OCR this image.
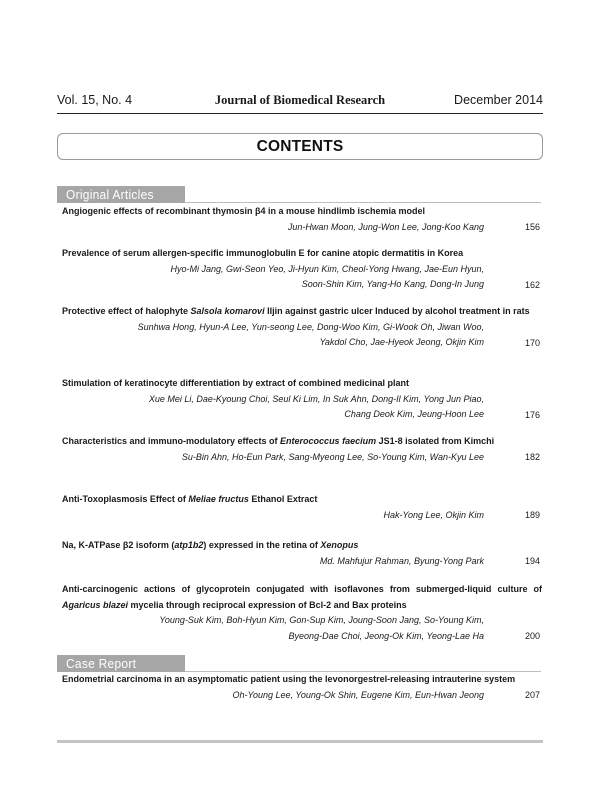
Vol. 15, No. 4	Journal of Biomedical Research	December 2014
CONTENTS
Original Articles
Angiogenic effects of recombinant thymosin β4 in a mouse hindlimb ischemia model
Jun-Hwan Moon, Jung-Won Lee, Jong-Koo Kang	156
Prevalence of serum allergen-specific immunoglobulin E for canine atopic dermatitis in Korea
Hyo-Mi Jang, Gwi-Seon Yeo, Ji-Hyun Kim, Cheol-Yong Hwang, Jae-Eun Hyun,
Soon-Shin Kim, Yang-Ho Kang, Dong-In Jung	162
Protective effect of halophyte Salsola komarovi Iljin against gastric ulcer Induced by alcohol treatment in rats
Sunhwa Hong, Hyun-A Lee, Yun-seong Lee, Dong-Woo Kim, Gi-Wook Oh, Jiwan Woo,
Yakdol Cho, Jae-Hyeok Jeong, Okjin Kim	170
Stimulation of keratinocyte differentiation by extract of combined medicinal plant
Xue Mei Li, Dae-Kyoung Choi, Seul Ki Lim, In Suk Ahn, Dong-Il Kim, Yong Jun Piao,
Chang Deok Kim, Jeung-Hoon Lee	176
Characteristics and immuno-modulatory effects of Enterococcus faecium JS1-8 isolated from Kimchi
Su-Bin Ahn, Ho-Eun Park, Sang-Myeong Lee, So-Young Kim, Wan-Kyu Lee	182
Anti-Toxoplasmosis Effect of Meliae fructus Ethanol Extract
Hak-Yong Lee, Okjin Kim	189
Na, K-ATPase β2 isoform (atp1b2) expressed in the retina of Xenopus
Md. Mahfujur Rahman, Byung-Yong Park	194
Anti-carcinogenic actions of glycoprotein conjugated with isoflavones from submerged-liquid culture of Agaricus blazei mycelia through reciprocal expression of Bcl-2 and Bax proteins
Young-Suk Kim, Boh-Hyun Kim, Gon-Sup Kim, Joung-Soon Jang, So-Young Kim,
Byeong-Dae Choi, Jeong-Ok Kim, Yeong-Lae Ha	200
Case Report
Endometrial carcinoma in an asymptomatic patient using the levonorgestrel-releasing intrauterine system
Oh-Young Lee, Young-Ok Shin, Eugene Kim, Eun-Hwan Jeong	207
